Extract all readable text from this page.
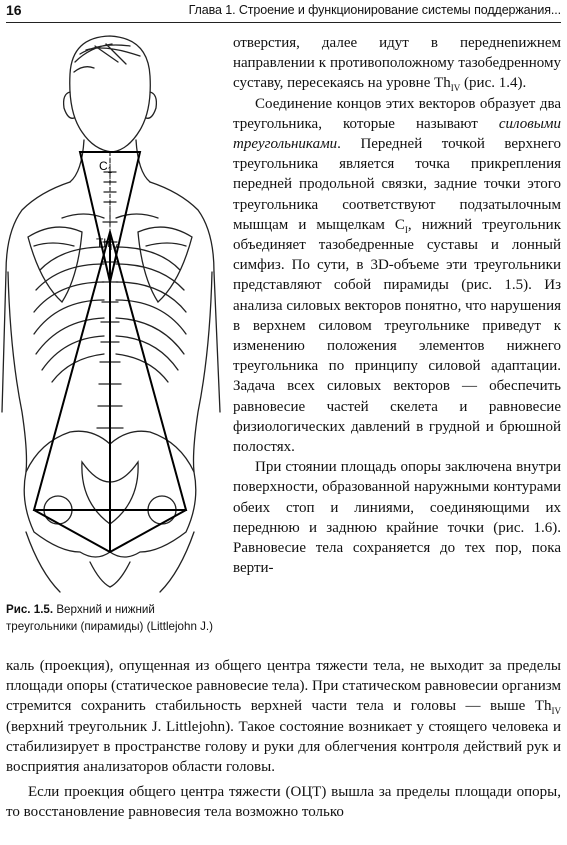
16	Глава 1. Строение и функционирование системы поддержания...
$C_1$
$Th_{IV}$
Рис. 1.5. Верхний и нижний треугольники (пирамиды) (Littlejohn J.)

отверстия, далее идут в переднenижнем направлении к противоположному тазобедренному суставу, пересекаясь на уровне $Th_{IV}$ (рис. 1.4).

Соединение концов этих векторов образует два треугольника, которые называют силовыми треугольниками. Передней точкой верхнего треугольника является точка прикрепления передней продольной связки, задние точки этого треугольника соответствуют подзатылочным мышцам и мыщелкам $С_I$, нижний треугольник объединяет тазобедренные суставы и лонный симфиз. По сути, в 3D-объеме эти треугольники представляют собой пирамиды (рис. 1.5). Из анализа силовых векторов понятно, что нарушения в верхнем силовом треугольнике приведут к изменению положения элементов нижнего треугольника по принципу силовой адаптации. Задача всех силовых векторов — обеспечить равновесие частей скелета и равновесие физиологических давлений в грудной и брюшной полостях.

При стоянии площадь опоры заключена внутри поверхности, образованной наружными контурами обеих стоп и линиями, соединяющими их переднюю и заднюю крайние точки (рис. 1.6). Равновесие тела сохраняется до тех пор, пока верти-

каль (проекция), опущенная из общего центра тяжести тела, не выходит за пределы площади опоры (статическое равновесие тела). При статическом равновесии организм стремится сохранить стабильность верхней части тела и головы — выше $Th_{IV}$ (верхний треугольник J. Littlejohn). Такое состояние возникает у стоящего человека и стабилизирует в пространстве голову и руки для облегчения контроля действий рук и восприятия анализаторов области головы.

Если проекция общего центра тяжести (ОЦТ) вышла за пределы площади опоры, то восстановление равновесия тела возможно только
